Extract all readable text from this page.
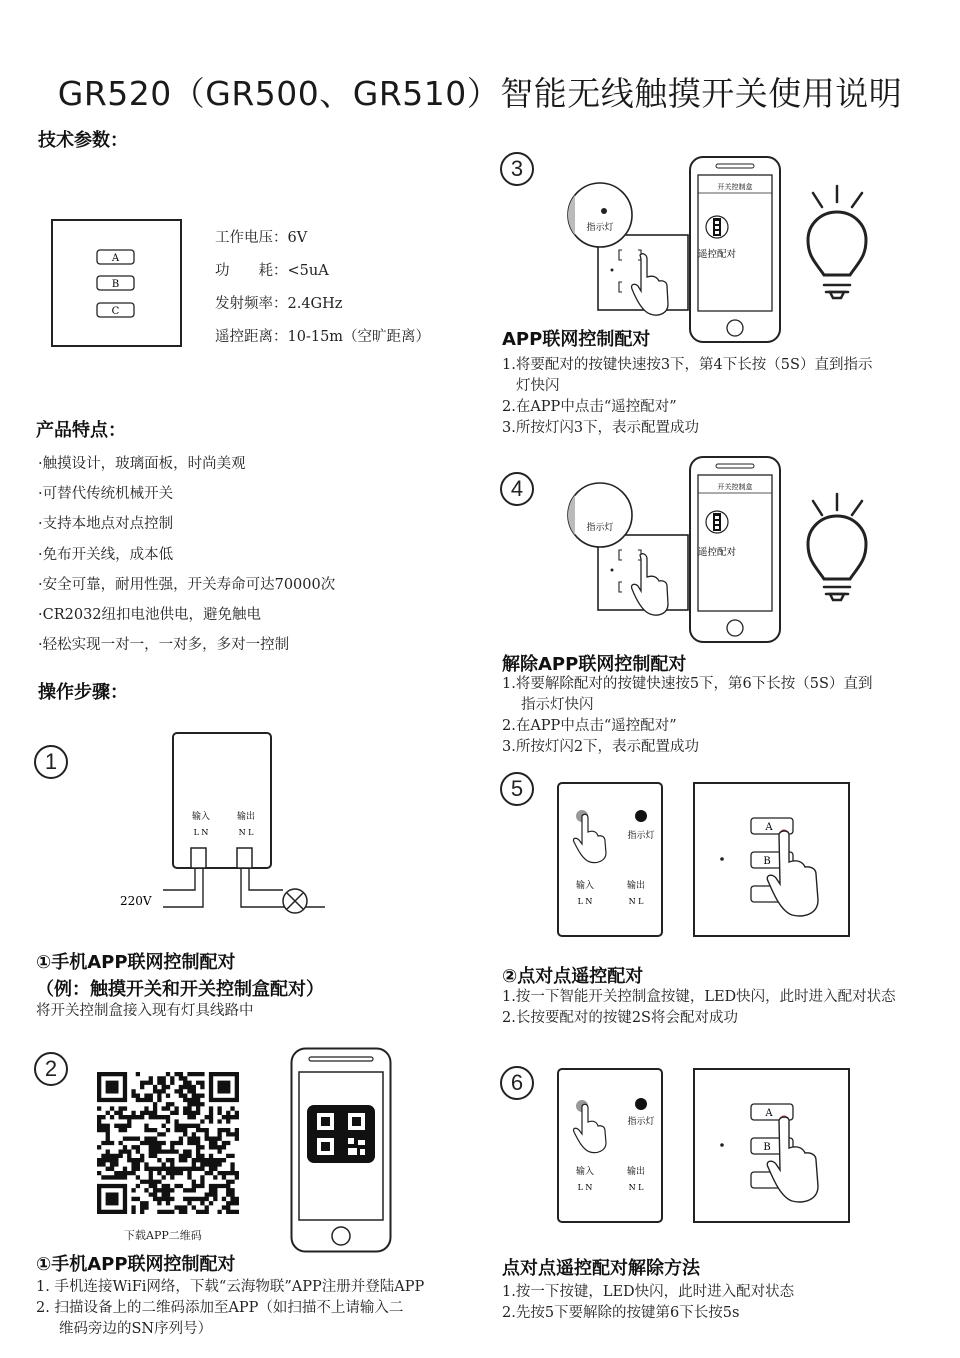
GR520（GR500、GR510）智能无线触摸开关使用说明
技术参数：
A
B
C
工作电压：6V
功　　耗：<5uA
发射频率：2.4GHz
遥控距离：10-15m（空旷距离）
产品特点：
·触摸设计，玻璃面板，时尚美观
·可替代传统机械开关
·支持本地点对点控制
·免布开关线，成本低
·安全可靠，耐用性强，开关寿命可达70000次
·CR2032纽扣电池供电，避免触电
·轻松实现一对一，一对多，多对一控制
操作步骤：
1
输入
L N
输出
N L
220V
①手机APP联网控制配对
（例：触摸开关和开关控制盒配对）
将开关控制盒接入现有灯具线路中
2
下载APP二维码
①手机APP联网控制配对
1. 手机连接WiFi网络，下载“云海物联”APP注册并登陆APP
2. 扫描设备上的二维码添加至APP（如扫描不上请输入二
维码旁边的SN序列号）
3
指示灯
开关控制盒
遥控配对
APP联网控制配对
1.将要配对的按键快速按3下，第4下长按（5S）直到指示
灯快闪
2.在APP中点击“遥控配对”
3.所按灯闪3下，表示配置成功
4
指示灯
开关控制盒
遥控配对
解除APP联网控制配对
1.将要解除配对的按键快速按5下，第6下长按（5S）直到
指示灯快闪
2.在APP中点击“遥控配对”
3.所按灯闪2下，表示配置成功
5
指示灯
输入
L N
输出
N L
A
B
②点对点遥控配对
1.按一下智能开关控制盒按键，LED快闪，此时进入配对状态
2.长按要配对的按键2S将会配对成功
6
指示灯
输入
L N
输出
N L
A
B
点对点遥控配对解除方法
1.按一下按键，LED快闪，此时进入配对状态
2.先按5下要解除的按键第6下长按5s
